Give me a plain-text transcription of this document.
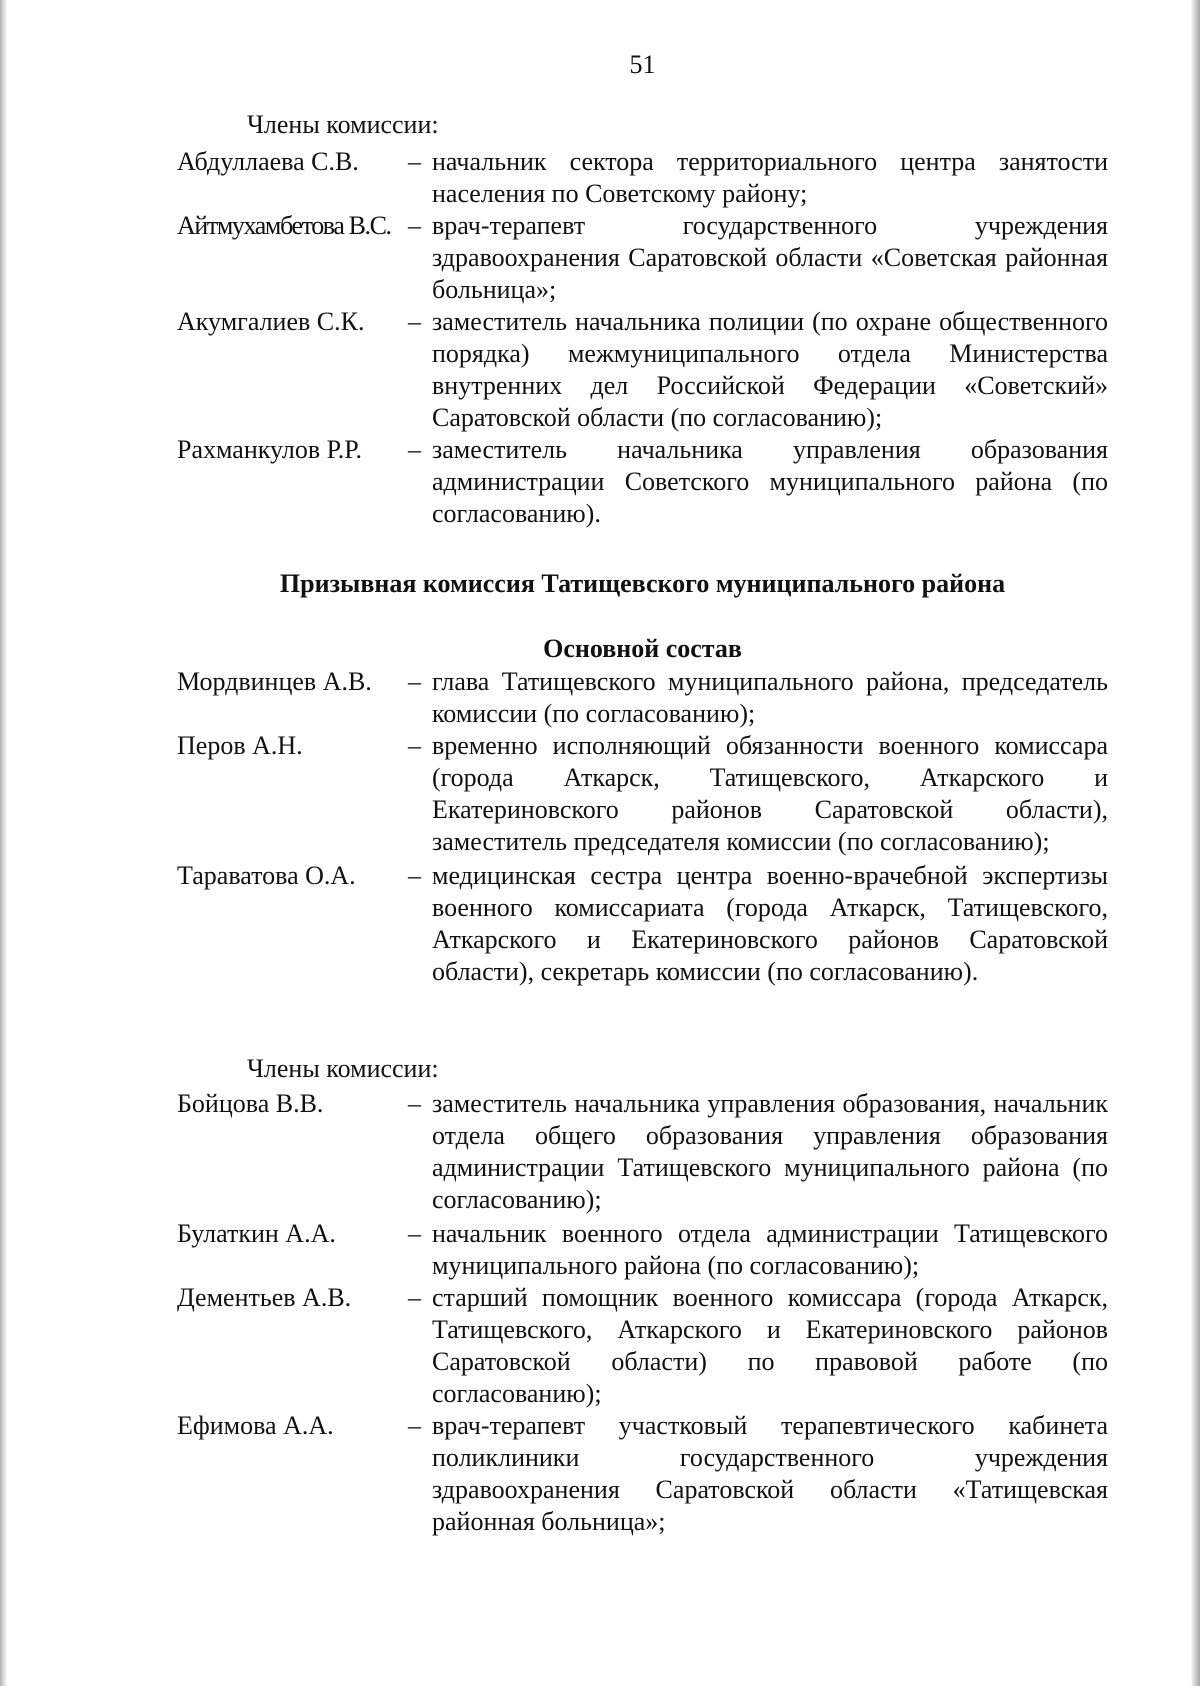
51
Члены комиссии:
Абдуллаева С.В. – начальник сектора территориального центра занятости населения по Советскому району;
Айтмухамбетова В.С. – врач-терапевт государственного учреждения здравоохранения Саратовской области «Советская районная больница»;
Акумгалиев С.К. – заместитель начальника полиции (по охране общественного порядка) межмуниципального отдела Министерства внутренних дел Российской Федерации «Советский» Саратовской области (по согласованию);
Рахманкулов Р.Р. – заместитель начальника управления образования администрации Советского муниципального района (по согласованию).
Призывная комиссия Татищевского муниципального района
Основной состав
Мордвинцев А.В. – глава Татищевского муниципального района, председатель комиссии (по согласованию);
Перов А.Н.	– временно исполняющий обязанности военного комиссара (города Аткарск, Татищевского, Аткарского и Екатериновского районов Саратовской области), заместитель председателя комиссии (по согласованию);
Тараватова О.А. – медицинская сестра центра военно-врачебной экспертизы военного комиссариата (города Аткарск, Татищевского, Аткарского и Екатериновского районов Саратовской области), секретарь комиссии (по согласованию).
Члены комиссии:
Бойцова В.В.	– заместитель начальника управления образования, начальник отдела общего образования управления образования администрации Татищевского муниципального района (по согласованию);
Булаткин А.А.	– начальник военного отдела администрации Татищевского муниципального района (по согласованию);
Дементьев А.В. – старший помощник военного комиссара (города Аткарск, Татищевского, Аткарского и Екатериновского районов Саратовской области) по правовой работе (по согласованию);
Ефимова А.А.	– врач-терапевт участковый терапевтического кабинета поликлиники государственного учреждения здравоохранения Саратовской области «Татищевская районная больница»;
